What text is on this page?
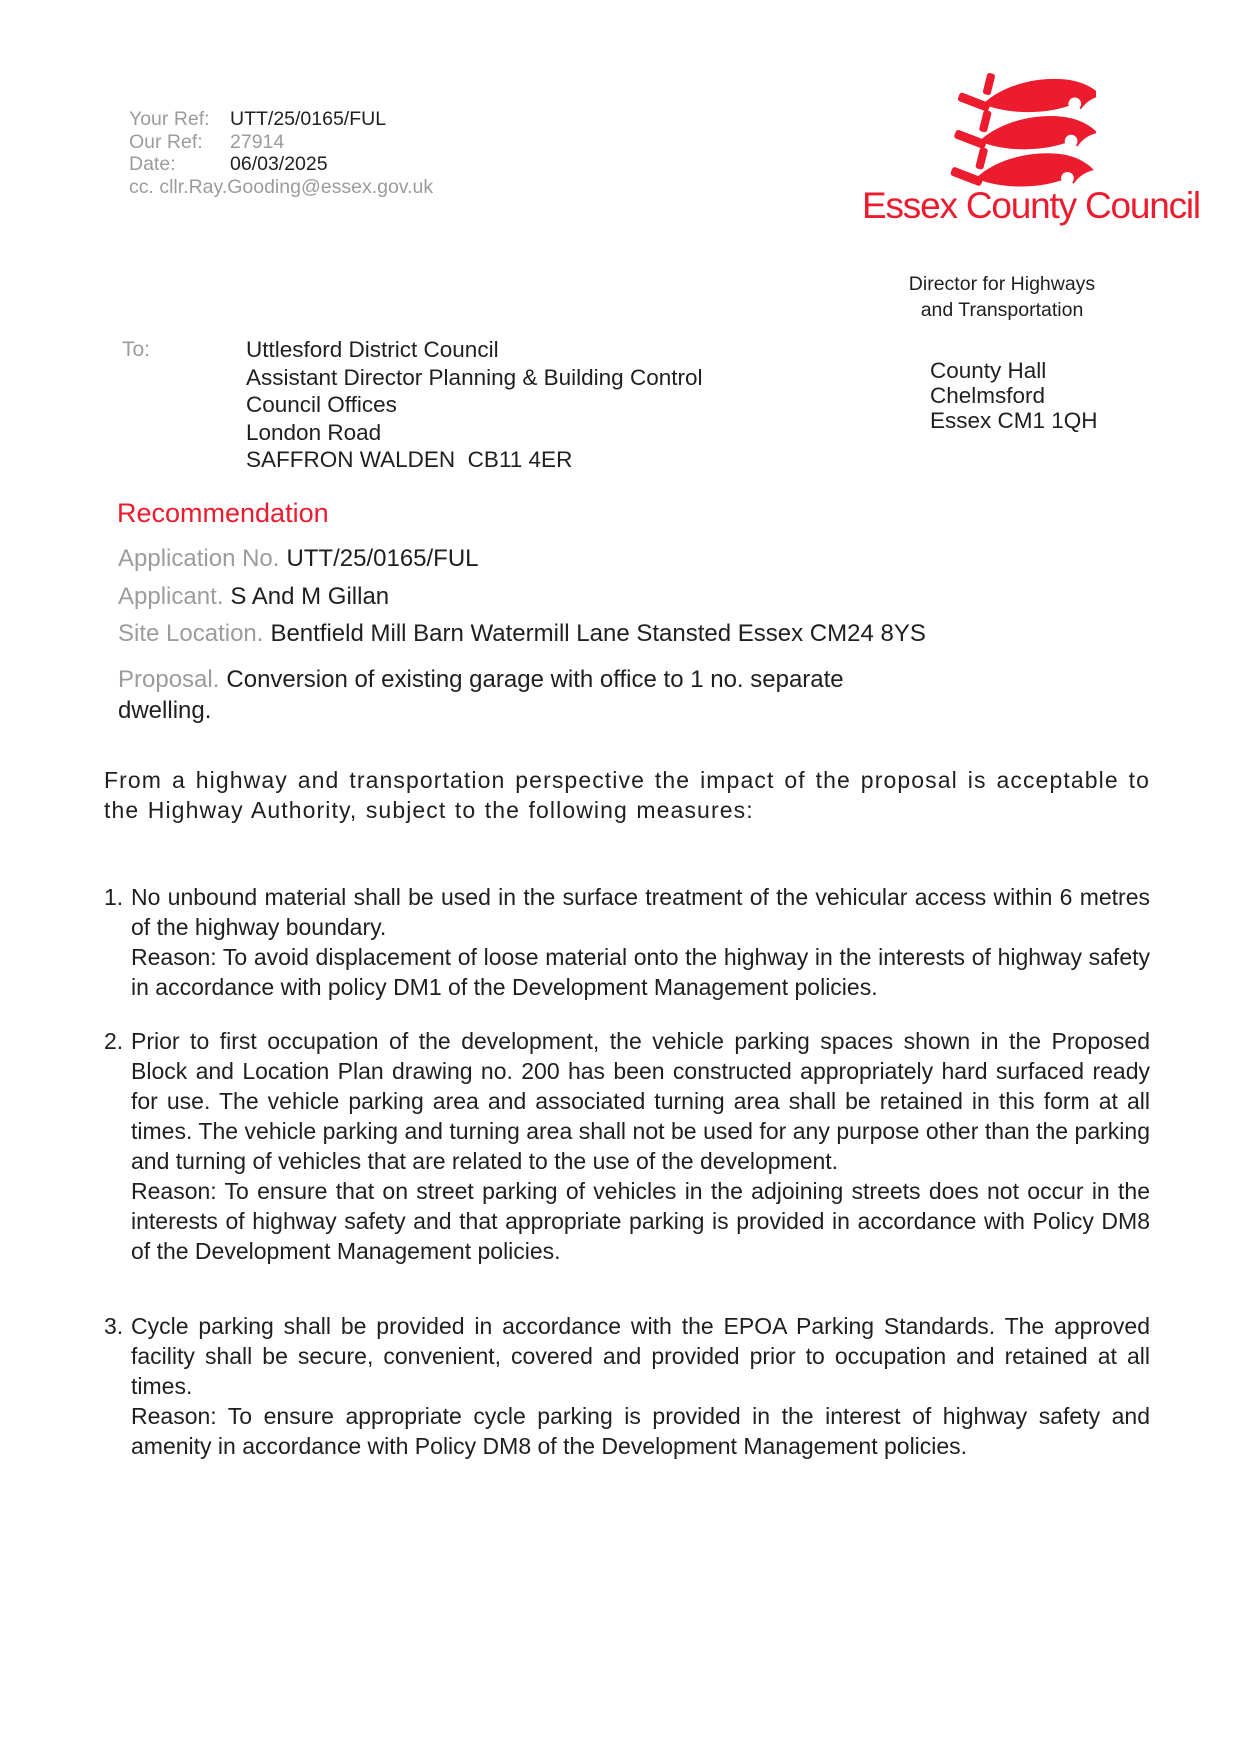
Your Ref:	UTT/25/0165/FUL
Our Ref:	27914
Date:	06/03/2025
cc. cllr.Ray.Gooding@essex.gov.uk	Essex County Council
Director for Highways
and Transportation
To:	Uttlesford District Council
Assistant Director Planning & Building Control
Council Offices
London Road
SAFFRON WALDEN  CB11 4ER
County Hall
Chelmsford
Essex CM1 1QH
Recommendation
Application No. UTT/25/0165/FUL
Applicant. S And M Gillan
Site Location. Bentfield Mill Barn Watermill Lane Stansted Essex CM24 8YS
Proposal. Conversion of existing garage with office to 1 no. separate dwelling.

From a highway and transportation perspective the impact of the proposal is acceptable to the Highway Authority, subject to the following measures:

1. No unbound material shall be used in the surface treatment of the vehicular access within 6 metres of the highway boundary.
Reason: To avoid displacement of loose material onto the highway in the interests of highway safety in accordance with policy DM1 of the Development Management policies.
2. Prior to first occupation of the development, the vehicle parking spaces shown in the Proposed Block and Location Plan drawing no. 200 has been constructed appropriately hard surfaced ready for use. The vehicle parking area and associated turning area shall be retained in this form at all times. The vehicle parking and turning area shall not be used for any purpose other than the parking and turning of vehicles that are related to the use of the development.
Reason: To ensure that on street parking of vehicles in the adjoining streets does not occur in the interests of highway safety and that appropriate parking is provided in accordance with Policy DM8 of the Development Management policies.
3. Cycle parking shall be provided in accordance with the EPOA Parking Standards. The approved facility shall be secure, convenient, covered and provided prior to occupation and retained at all times.
Reason: To ensure appropriate cycle parking is provided in the interest of highway safety and amenity in accordance with Policy DM8 of the Development Management policies.
